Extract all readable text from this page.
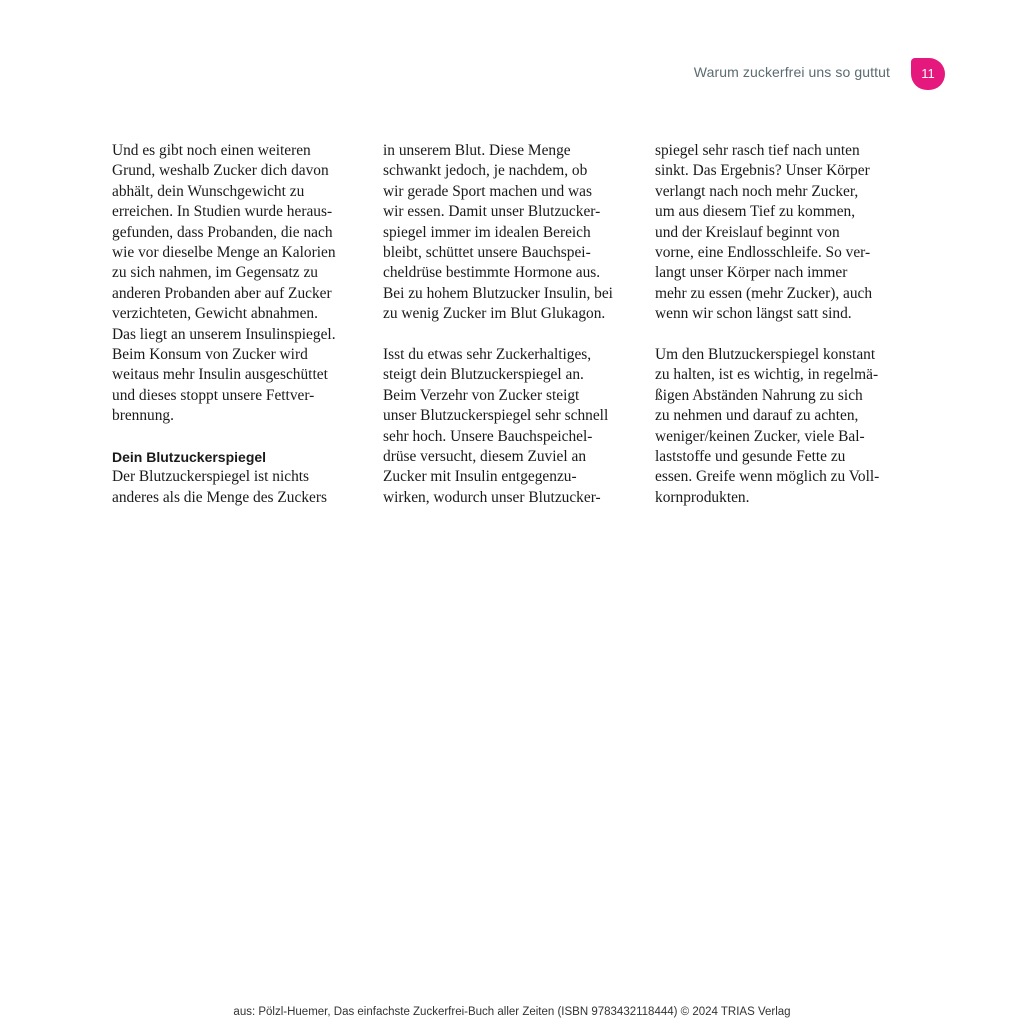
Warum zuckerfrei uns so guttut	11
Und es gibt noch einen weiteren
Grund, weshalb Zucker dich davon
abhält, dein Wunschgewicht zu
erreichen. In Studien wurde heraus-
gefunden, dass Probanden, die nach
wie vor dieselbe Menge an Kalorien
zu sich nahmen, im Gegensatz zu
anderen Probanden aber auf Zucker
verzichteten, Gewicht abnahmen.
Das liegt an unserem Insulinspiegel.
Beim Konsum von Zucker wird
weitaus mehr Insulin ausgeschüttet
und dieses stoppt unsere Fettver-
brennung.
Dein Blutzuckerspiegel
Der Blutzuckerspiegel ist nichts
anderes als die Menge des Zuckers
in unserem Blut. Diese Menge
schwankt jedoch, je nachdem, ob
wir gerade Sport machen und was
wir essen. Damit unser Blutzucker-
spiegel immer im idealen Bereich
bleibt, schüttet unsere Bauchspei-
cheldrüse bestimmte Hormone aus.
Bei zu hohem Blutzucker Insulin, bei
zu wenig Zucker im Blut Glukagon.
Isst du etwas sehr Zuckerhaltiges,
steigt dein Blutzuckerspiegel an.
Beim Verzehr von Zucker steigt
unser Blutzuckerspiegel sehr schnell
sehr hoch. Unsere Bauchspeichel-
drüse versucht, diesem Zuviel an
Zucker mit Insulin entgegenzu-
wirken, wodurch unser Blutzucker-
spiegel sehr rasch tief nach unten
sinkt. Das Ergebnis? Unser Körper
verlangt nach noch mehr Zucker,
um aus diesem Tief zu kommen,
und der Kreislauf beginnt von
vorne, eine Endlosschleife. So ver-
langt unser Körper nach immer
mehr zu essen (mehr Zucker), auch
wenn wir schon längst satt sind.
Um den Blutzuckerspiegel konstant
zu halten, ist es wichtig, in regelmä-
ßigen Abständen Nahrung zu sich
zu nehmen und darauf zu achten,
weniger/keinen Zucker, viele Bal-
laststoffe und gesunde Fette zu
essen. Greife wenn möglich zu Voll-
kornprodukten.
aus: Pölzl-Huemer, Das einfachste Zuckerfrei-Buch aller Zeiten (ISBN 9783432118444) © 2024 TRIAS Verlag
